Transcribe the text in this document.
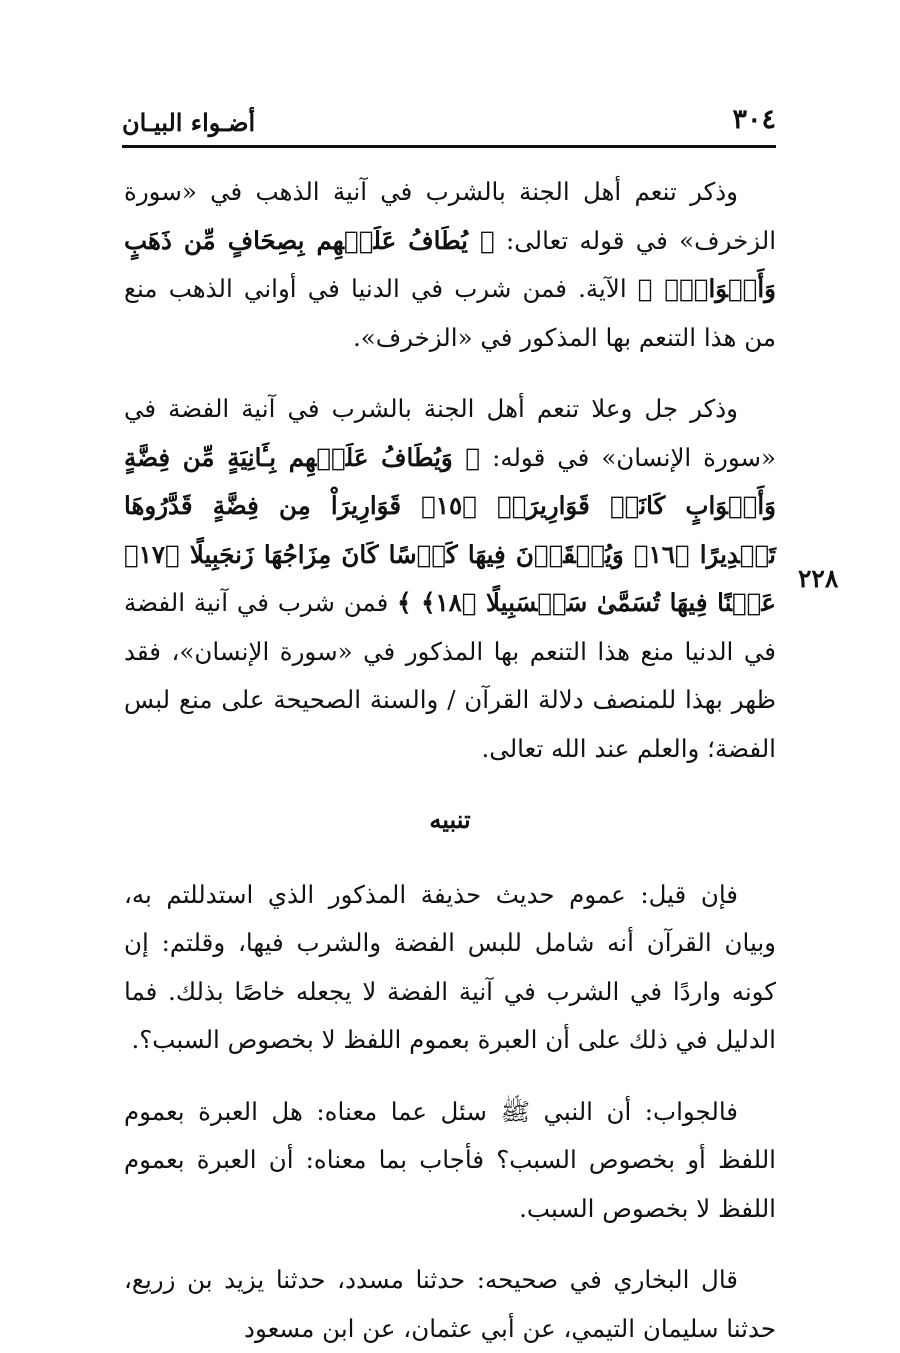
٣٠٤
أضـواء البيـان
٢٢٨

وذكر تنعم أهل الجنة بالشرب في آنية الذهب في «سورة الزخرف» في قوله تعالى: ﴿ يُطَافُ عَلَيۡهِم بِصِحَافٍ مِّن ذَهَبٍ وَأَكۡوَابٍۖ ﴾ الآية. فمن شرب في الدنيا في أواني الذهب منع من هذا التنعم بها المذكور في «الزخرف».

وذكر جل وعلا تنعم أهل الجنة بالشرب في آنية الفضة في «سورة الإنسان» في قوله: ﴿ وَيُطَافُ عَلَيۡهِم بِـَٔانِيَةٍ مِّن فِضَّةٍ وَأَكۡوَابٍ كَانَتۡ قَوَارِيرَا۠ ﴿١٥﴾ قَوَارِيرَاْ مِن فِضَّةٍ قَدَّرُوهَا تَقۡدِيرًا ﴿١٦﴾ وَيُسۡقَوۡنَ فِيهَا كَأۡسًا كَانَ مِزَاجُهَا زَنجَبِيلًا ﴿١٧﴾ عَيۡنًا فِيهَا تُسَمَّىٰ سَلۡسَبِيلًا ﴿١٨﴾ ﴾ فمن شرب في آنية الفضة في الدنيا منع هذا التنعم بها المذكور في «سورة الإنسان»، فقد ظهر بهذا للمنصف دلالة القرآن / والسنة الصحيحة على منع لبس الفضة؛ والعلم عند الله تعالى.

تنبيه

فإن قيل: عموم حديث حذيفة المذكور الذي استدللتم به، وبيان القرآن أنه شامل للبس الفضة والشرب فيها، وقلتم: إن كونه واردًا في الشرب في آنية الفضة لا يجعله خاصًا بذلك. فما الدليل في ذلك على أن العبرة بعموم اللفظ لا بخصوص السبب؟.

فالجواب: أن النبي ﷺ سئل عما معناه: هل العبرة بعموم اللفظ أو بخصوص السبب؟ فأجاب بما معناه: أن العبرة بعموم اللفظ لا بخصوص السبب.

قال البخاري في صحيحه: حدثنا مسدد، حدثنا يزيد بن زريع، حدثنا سليمان التيمي، عن أبي عثمان، عن ابن مسعود
